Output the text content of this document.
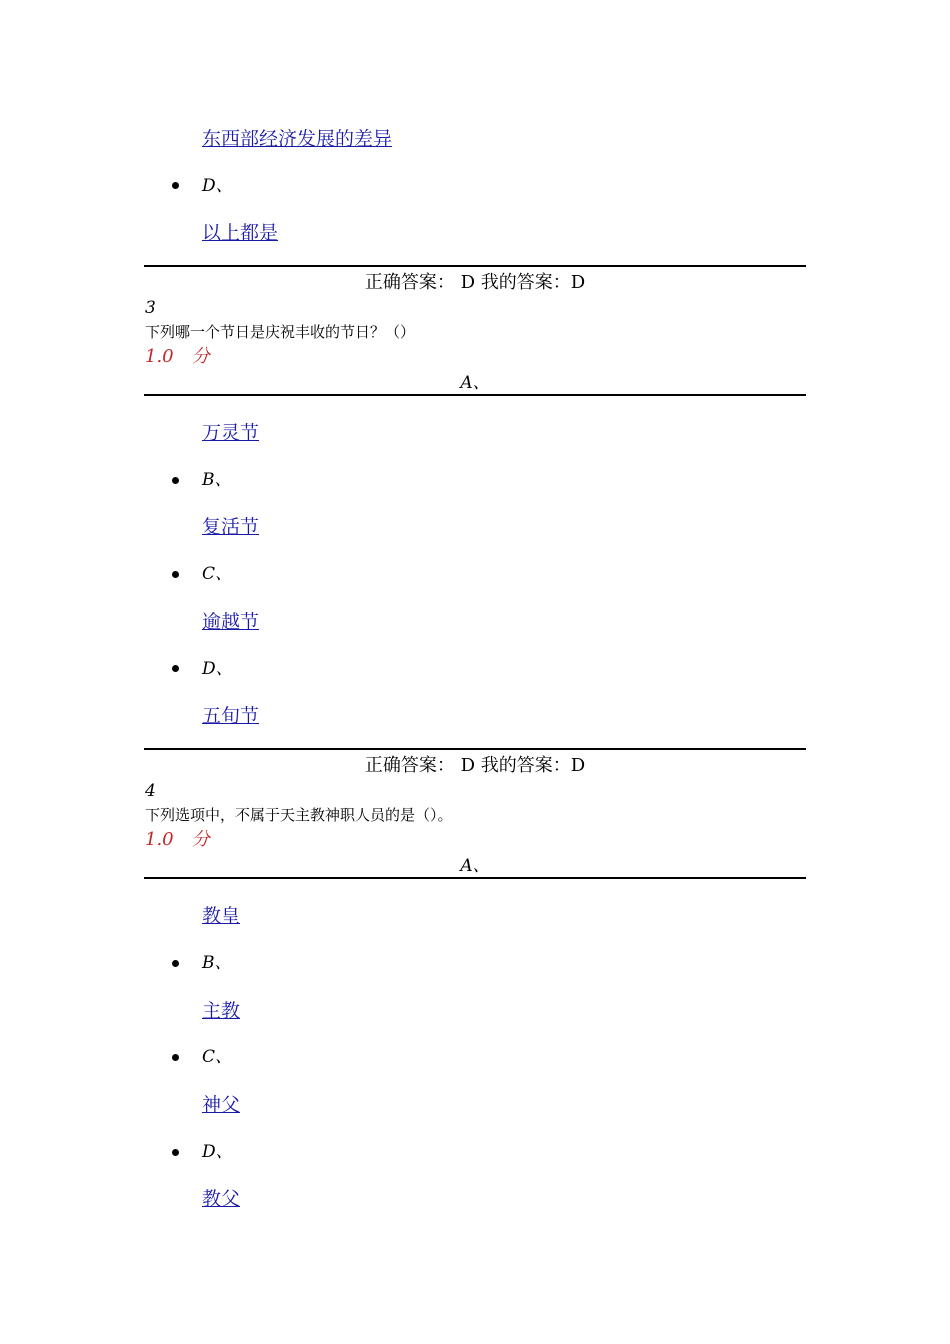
东西部经济发展的差异
D、
以上都是
正确答案： D 我的答案：D
3
下列哪一个节日是庆祝丰收的节日？（）
1.0　分
A、
万灵节
B、
复活节
C、
逾越节
D、
五旬节
正确答案： D 我的答案：D
4
下列选项中，不属于天主教神职人员的是（）。
1.0　分
A、
教皇
B、
主教
C、
神父
D、
教父
